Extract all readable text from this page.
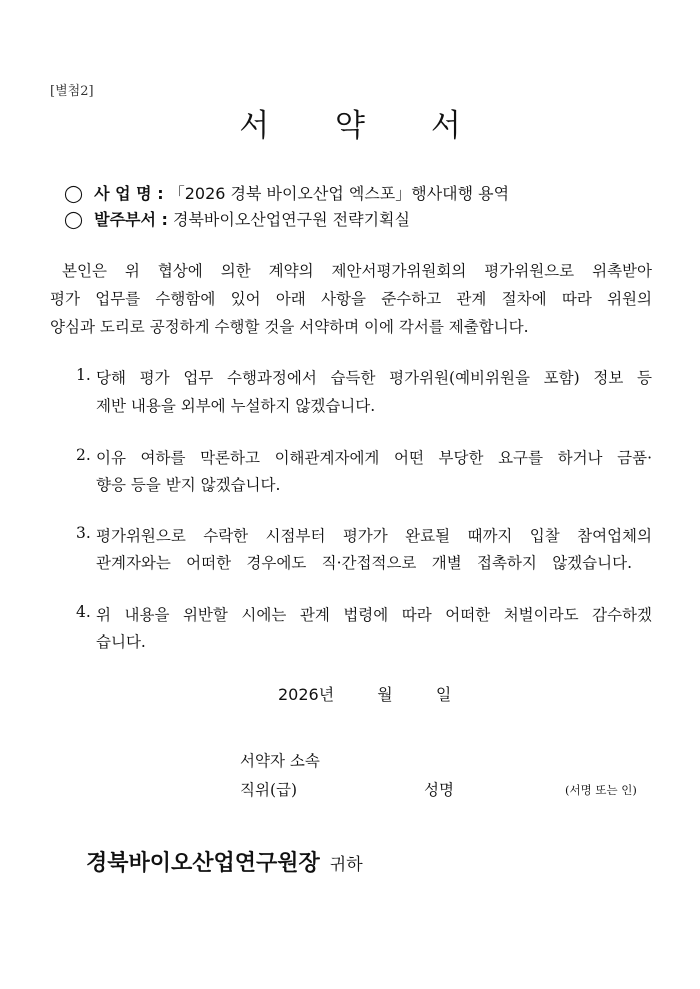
[별첨2]
서 약 서
◯ 사 업 명 : 「2026 경북 바이오산업 엑스포」행사대행 용역
◯ 발주부서 : 경북바이오산업연구원 전략기획실
본인은 위 협상에 의한 계약의 제안서평가위원회의 평가위원으로 위촉받아
평가 업무를 수행함에 있어 아래 사항을 준수하고 관계 절차에 따라 위원의
양심과 도리로 공정하게 수행할 것을 서약하며 이에 각서를 제출합니다.
1. 당해 평가 업무 수행과정에서 습득한 평가위원(예비위원을 포함) 정보 등
제반 내용을 외부에 누설하지 않겠습니다.
2. 이유 여하를 막론하고 이해관계자에게 어떤 부당한 요구를 하거나 금품·
향응 등을 받지 않겠습니다.
3. 평가위원으로 수락한 시점부터 평가가 완료될 때까지 입찰 참여업체의
관계자와는 어떠한 경우에도 직·간접적으로 개별 접촉하지 않겠습니다.
4. 위 내용을 위반할 시에는 관계 법령에 따라 어떠한 처벌이라도 감수하겠
습니다.
2026년	월	일
서약자 소속
직위(급)	성명	(서명 또는 인)
경북바이오산업연구원장 귀하
